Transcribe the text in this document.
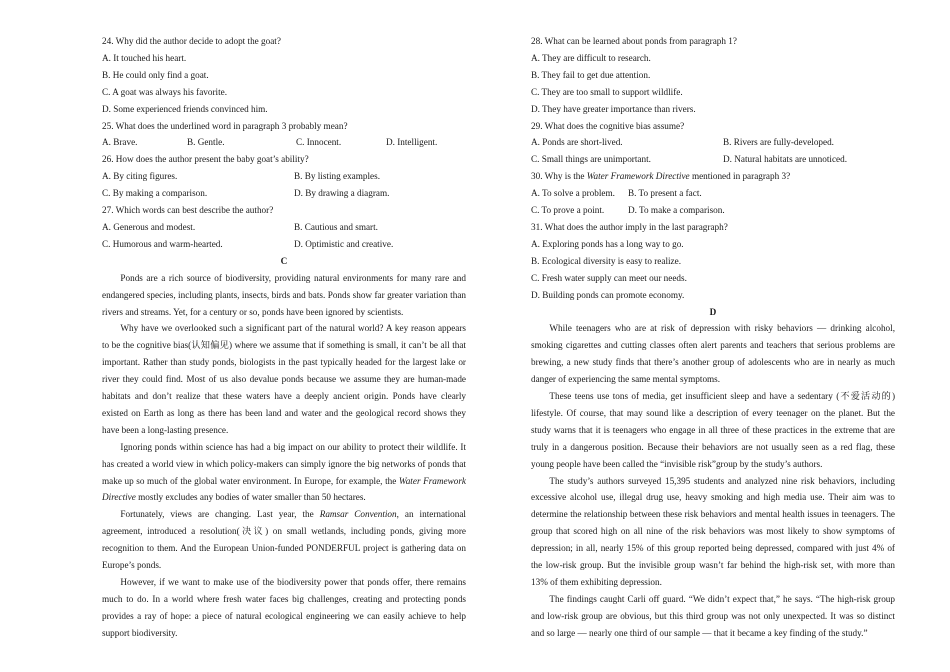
24. Why did the author decide to adopt the goat?
A. It touched his heart.
B. He could only find a goat.
C. A goat was always his favorite.
D. Some experienced friends convinced him.
25. What does the underlined word in paragraph 3 probably mean?
A. Brave.	B. Gentle.	C. Innocent.	D. Intelligent.
26. How does the author present the baby goat’s ability?
A. By citing figures.	B. By listing examples.
C. By making a comparison.	D. By drawing a diagram.
27. Which words can best describe the author?
A. Generous and modest.	B. Cautious and smart.
C. Humorous and warm-hearted.	D. Optimistic and creative.
C

Ponds are a rich source of biodiversity, providing natural environments for many rare and endangered species, including plants, insects, birds and bats. Ponds show far greater variation than rivers and streams. Yet, for a century or so, ponds have been ignored by scientists.

Why have we overlooked such a significant part of the natural world? A key reason appears to be the cognitive bias(认知偏见) where we assume that if something is small, it can’t be all that important. Rather than study ponds, biologists in the past typically headed for the largest lake or river they could find. Most of us also devalue ponds because we assume they are human-made habitats and don’t realize that these waters have a deeply ancient origin. Ponds have clearly existed on Earth as long as there has been land and water and the geological record shows they have been a long-lasting presence.

Ignoring ponds within science has had a big impact on our ability to protect their wildlife. It has created a world view in which policy-makers can simply ignore the big networks of ponds that make up so much of the global water environment. In Europe, for example, the Water Framework Directive mostly excludes any bodies of water smaller than 50 hectares.

Fortunately, views are changing. Last year, the Ramsar Convention, an international agreement, introduced a resolution(决议) on small wetlands, including ponds, giving more recognition to them. And the European Union-funded PONDERFUL project is gathering data on Europe’s ponds.

However, if we want to make use of the biodiversity power that ponds offer, there remains much to do. In a world where fresh water faces big challenges, creating and protecting ponds provides a ray of hope: a piece of natural ecological engineering we can easily achieve to help support biodiversity.

28. What can be learned about ponds from paragraph 1?
A. They are difficult to research.
B. They fail to get due attention.
C. They are too small to support wildlife.
D. They have greater importance than rivers.
29. What does the cognitive bias assume?
A. Ponds are short-lived.	B. Rivers are fully-developed.
C. Small things are unimportant.	D. Natural habitats are unnoticed.
30. Why is the Water Framework Directive mentioned in paragraph 3?
A. To solve a problem.	B. To present a fact.
C. To prove a point.	D. To make a comparison.
31. What does the author imply in the last paragraph?
A. Exploring ponds has a long way to go.
B. Ecological diversity is easy to realize.
C. Fresh water supply can meet our needs.
D. Building ponds can promote economy.
D

While teenagers who are at risk of depression with risky behaviors — drinking alcohol, smoking cigarettes and cutting classes often alert parents and teachers that serious problems are brewing, a new study finds that there’s another group of adolescents who are in nearly as much danger of experiencing the same mental symptoms.

These teens use tons of media, get insufficient sleep and have a sedentary (不爱活动的) lifestyle. Of course, that may sound like a description of every teenager on the planet. But the study warns that it is teenagers who engage in all three of these practices in the extreme that are truly in a dangerous position. Because their behaviors are not usually seen as a red flag, these young people have been called the “invisible risk”group by the study’s authors.

The study’s authors surveyed 15,395 students and analyzed nine risk behaviors, including excessive alcohol use, illegal drug use, heavy smoking and high media use. Their aim was to determine the relationship between these risk behaviors and mental health issues in teenagers. The group that scored high on all nine of the risk behaviors was most likely to show symptoms of depression; in all, nearly 15% of this group reported being depressed, compared with just 4% of the low-risk group. But the invisible group wasn’t far behind the high-risk set, with more than 13% of them exhibiting depression.

The findings caught Carli off guard. “We didn’t expect that,” he says. “The high-risk group and low-risk group are obvious, but this third group was not only unexpected. It was so distinct and so large — nearly one third of our sample — that it became a key finding of the study.”
